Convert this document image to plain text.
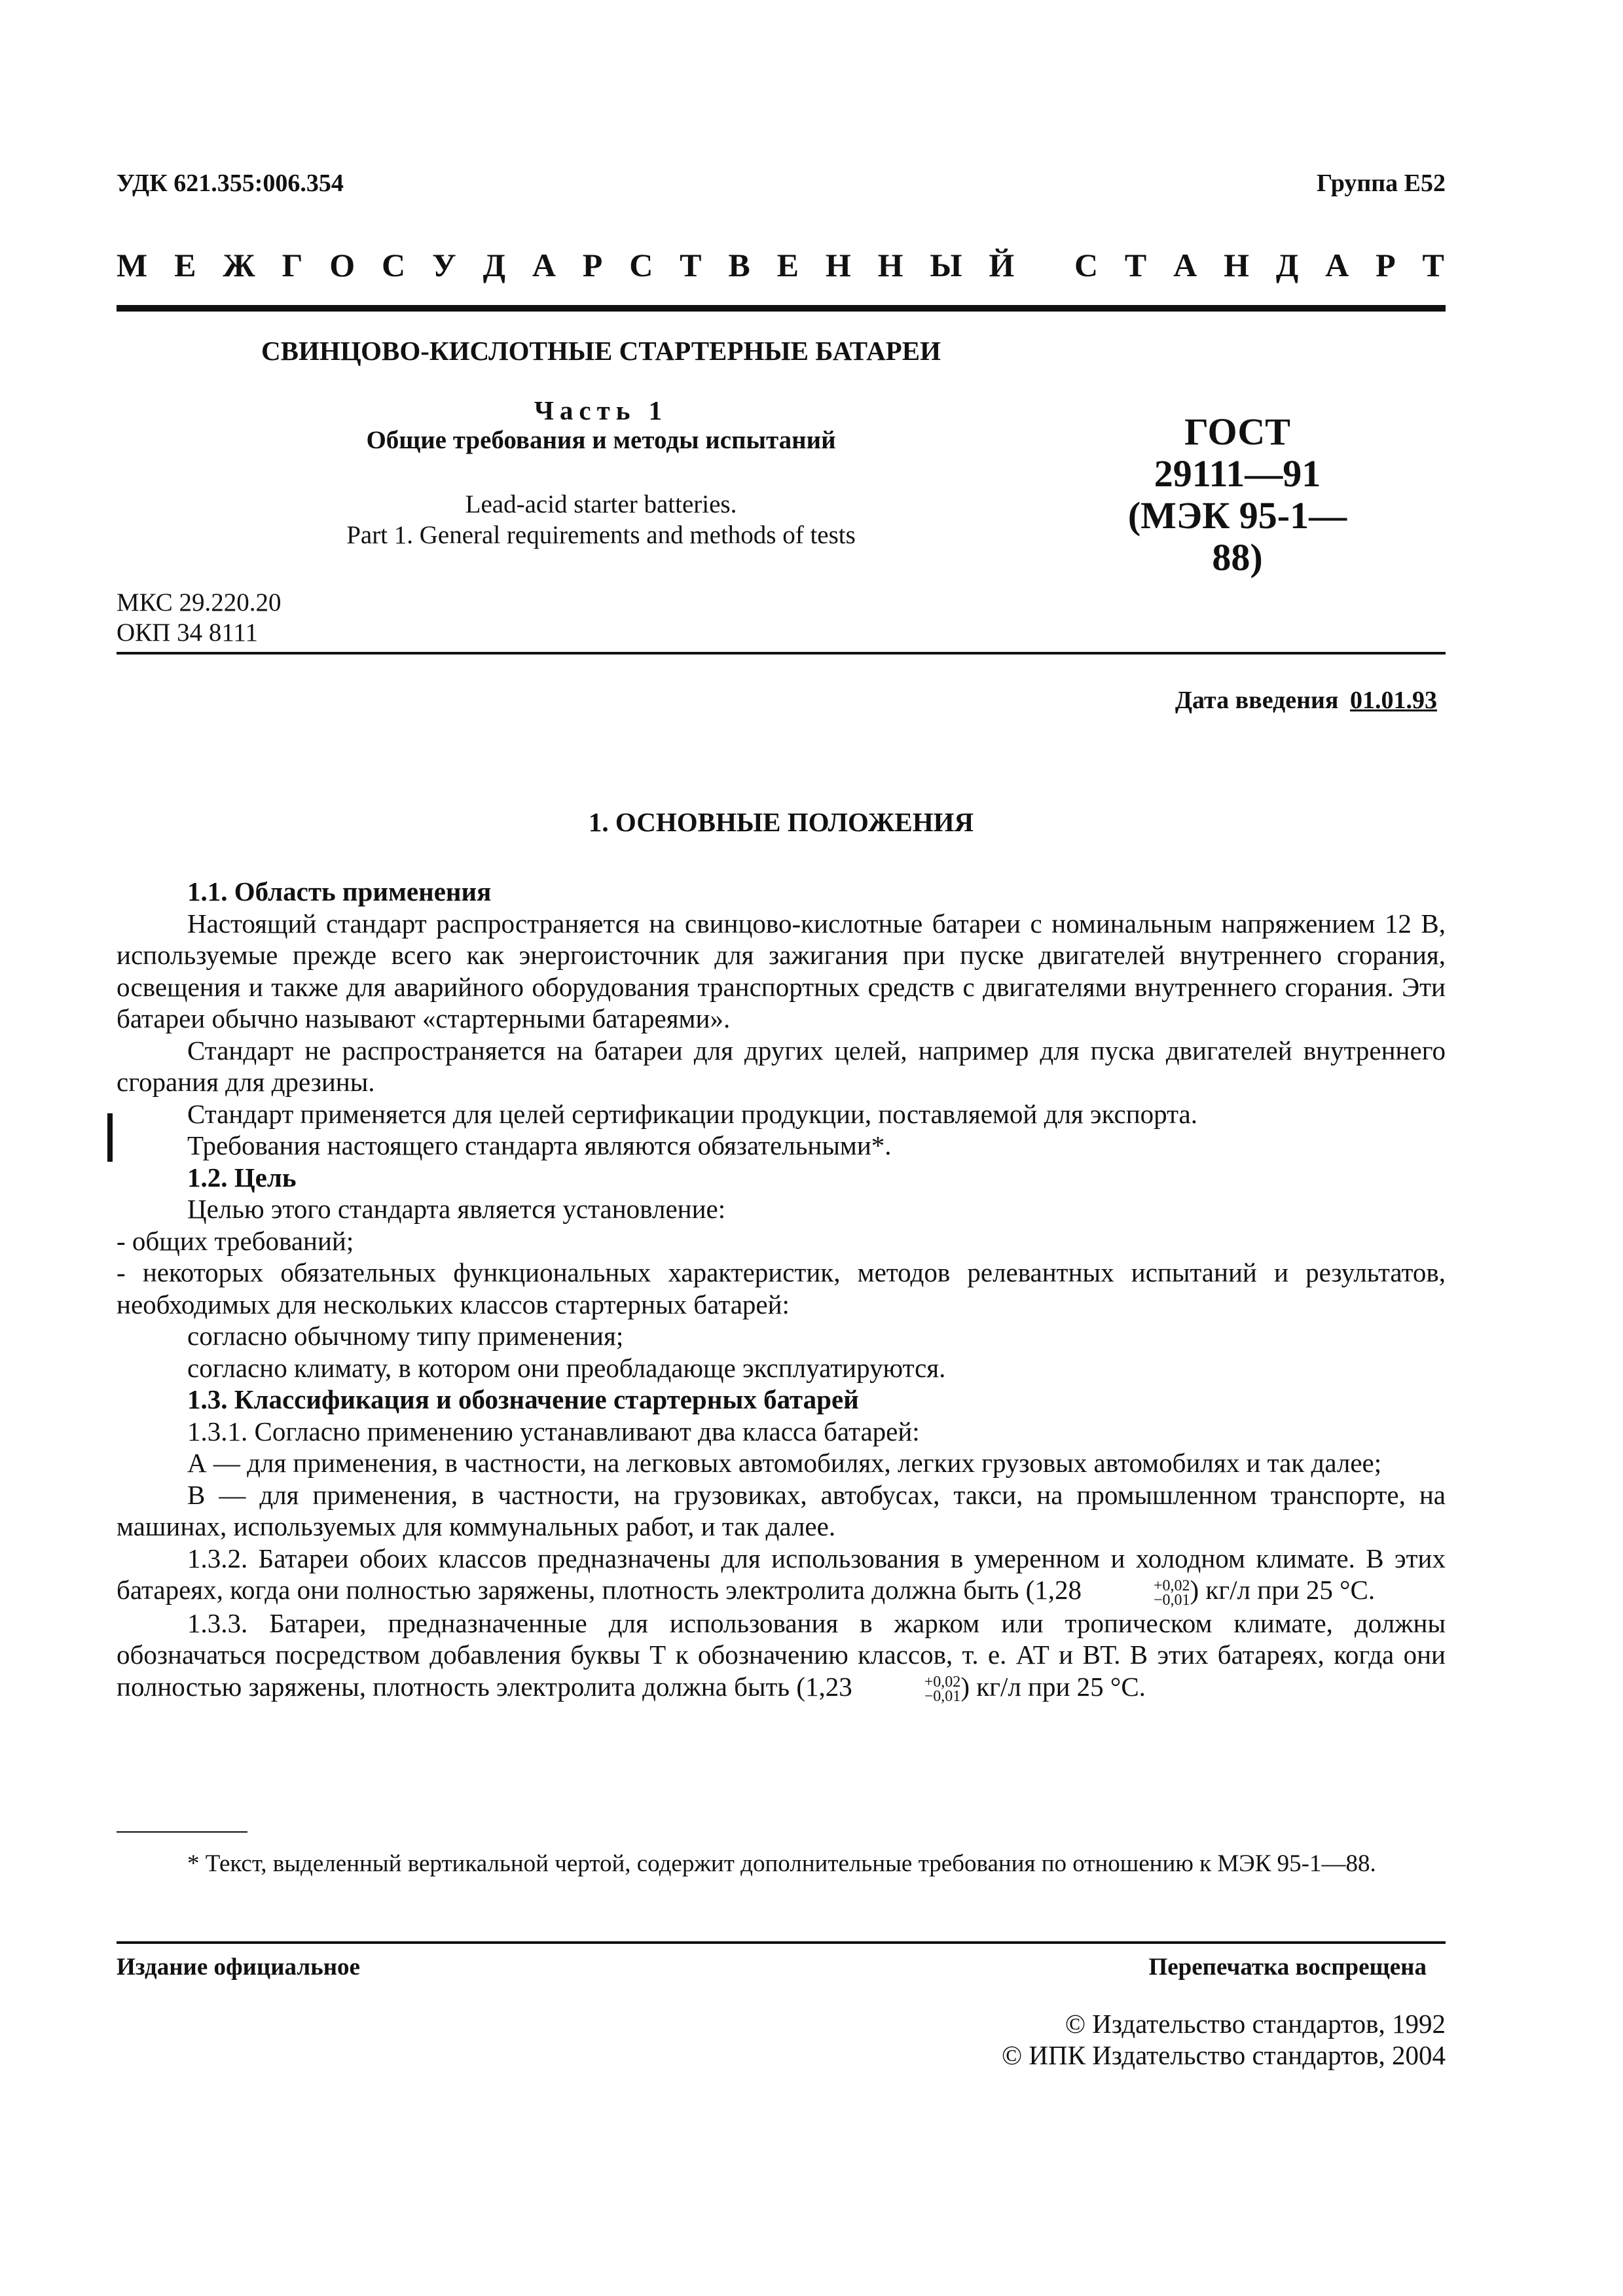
УДК 621.355:006.354	Группа Е52
М Е Ж Г О С У Д А Р С Т В Е Н Н Ы Й С Т А Н Д А Р Т
СВИНЦОВО-КИСЛОТНЫЕ СТАРТЕРНЫЕ БАТАРЕИ
Часть 1
Общие требования и методы испытаний
Lead-acid starter batteries.
Part 1. General requirements and methods of tests
ГОСТ
29111—91
(МЭК 95-1—88)
МКС 29.220.20
ОКП 34 8111
Дата введения 01.01.93
1. ОСНОВНЫЕ ПОЛОЖЕНИЯ

1.1. Область применения

Настоящий стандарт распространяется на свинцово-кислотные батареи с номинальным напряжением 12 В, используемые прежде всего как энергоисточник для зажигания при пуске двигателей внутреннего сгорания, освещения и также для аварийного оборудования транспортных средств с двигателями внутреннего сгорания. Эти батареи обычно называют «стартерными батареями».

Стандарт не распространяется на батареи для других целей, например для пуска двигателей внутреннего сгорания для дрезины.

Стандарт применяется для целей сертификации продукции, поставляемой для экспорта.

Требования настоящего стандарта являются обязательными*.

1.2. Цель

Целью этого стандарта является установление:

- общих требований;

- некоторых обязательных функциональных характеристик, методов релевантных испытаний и результатов, необходимых для нескольких классов стартерных батарей:

согласно обычному типу применения;

согласно климату, в котором они преобладающе эксплуатируются.

1.3. Классификация и обозначение стартерных батарей

1.3.1. Согласно применению устанавливают два класса батарей:

А — для применения, в частности, на легковых автомобилях, легких грузовых автомобилях и так далее;

В — для применения, в частности, на грузовиках, автобусах, такси, на промышленном транспорте, на машинах, используемых для коммунальных работ, и так далее.

1.3.2. Батареи обоих классов предназначены для использования в умеренном и холодном климате. В этих батареях, когда они полностью заряжены, плотность электролита должна быть (1,28	+0,02
−0,01 ) кг/л при 25 °С.

1.3.3. Батареи, предназначенные для использования в жарком или тропическом климате, должны обозначаться посредством добавления буквы Т к обозначению классов, т. е. АТ и ВТ. В этих батареях, когда они полностью заряжены, плотность электролита должна быть (1,23	+0,02
−0,01 ) кг/л при 25 °С.

* Текст, выделенный вертикальной чертой, содержит дополнительные требования по отношению к МЭК 95-1—88.
Издание официальное	Перепечатка воспрещена
© Издательство стандартов, 1992
© ИПК Издательство стандартов, 2004
